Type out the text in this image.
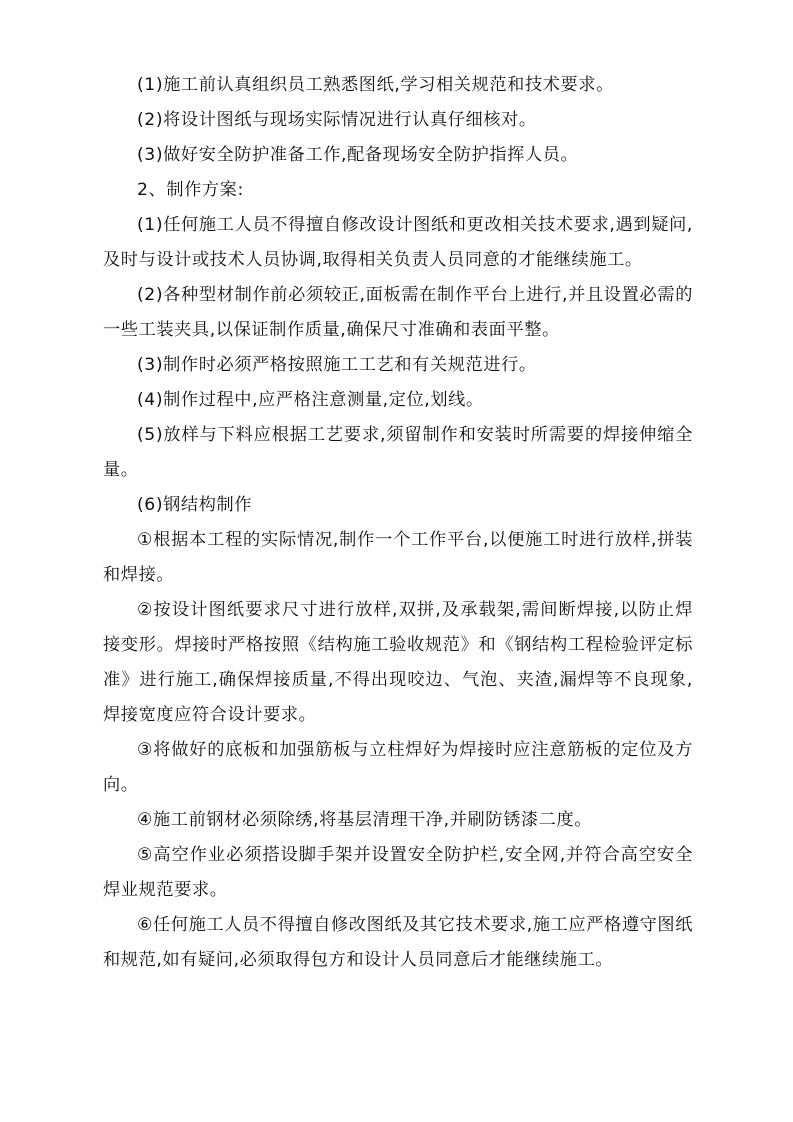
(1)施工前认真组织员工熟悉图纸,学习相关规范和技术要求。

(2)将设计图纸与现场实际情况进行认真仔细核对。

(3)做好安全防护准备工作,配备现场安全防护指挥人员。

2、制作方案:

(1)任何施工人员不得擅自修改设计图纸和更改相关技术要求,遇到疑问,及时与设计或技术人员协调,取得相关负责人员同意的才能继续施工。

(2)各种型材制作前必须较正,面板需在制作平台上进行,并且设置必需的一些工装夹具,以保证制作质量,确保尺寸准确和表面平整。

(3)制作时必须严格按照施工工艺和有关规范进行。

(4)制作过程中,应严格注意测量,定位,划线。

(5)放样与下料应根据工艺要求,须留制作和安装时所需要的焊接伸缩全量。

(6)钢结构制作

①根据本工程的实际情况,制作一个工作平台,以便施工时进行放样,拼装和焊接。

②按设计图纸要求尺寸进行放样,双拼,及承载架,需间断焊接,以防止焊接变形。焊接时严格按照《结构施工验收规范》和《钢结构工程检验评定标准》进行施工,确保焊接质量,不得出现咬边、气泡、夹渣,漏焊等不良现象,焊接宽度应符合设计要求。

③将做好的底板和加强筋板与立柱焊好为焊接时应注意筋板的定位及方向。

④施工前钢材必须除绣,将基层清理干净,并刷防锈漆二度。

⑤高空作业必须搭设脚手架并设置安全防护栏,安全网,并符合高空安全焊业规范要求。

⑥任何施工人员不得擅自修改图纸及其它技术要求,施工应严格遵守图纸和规范,如有疑问,必须取得包方和设计人员同意后才能继续施工。
